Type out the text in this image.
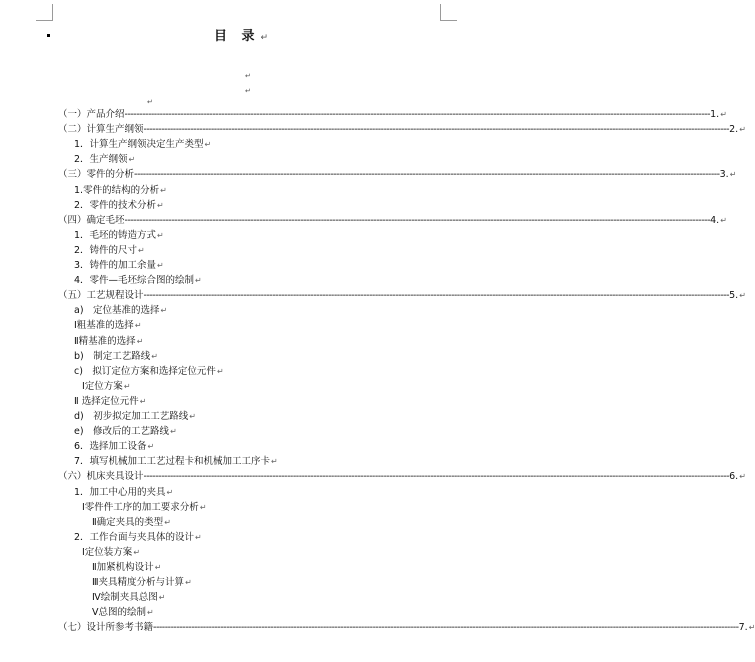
目 录↵
↵
↵
↵
（一）产品介绍 -------------------------------------------------------------------------------------------------------------------------------------------------------------------------------------------------------- 1 . ↵
（二）计算生产纲领 -------------------------------------------------------------------------------------------------------------------------------------------------------------------------------------------------------- 2 . ↵
1．计算生产纲领决定生产类型 ↵
2．生产纲领 ↵
（三）零件的分析 -------------------------------------------------------------------------------------------------------------------------------------------------------------------------------------------------------- 3 . ↵
1.零件的结构的分析 ↵
2．零件的技术分析 ↵
（四）确定毛坯 -------------------------------------------------------------------------------------------------------------------------------------------------------------------------------------------------------- 4 . ↵
1．毛坯的铸造方式 ↵
2．铸件的尺寸 ↵
3．铸件的加工余量 ↵
4．零件—毛坯综合图的绘制 ↵
（五）工艺规程设计 -------------------------------------------------------------------------------------------------------------------------------------------------------------------------------------------------------- 5 . ↵
a)　定位基准的选择 ↵
Ⅰ粗基准的选择 ↵
Ⅱ精基准的选择 ↵
b)　制定工艺路线 ↵
c)　拟订定位方案和选择定位元件 ↵
Ⅰ定位方案 ↵
Ⅱ 选择定位元件 ↵
d)　初步拟定加工工艺路线 ↵
e)　修改后的工艺路线 ↵
6．选择加工设备 ↵
7．填写机械加工工艺过程卡和机械加工工序卡 ↵
（六）机床夹具设计 -------------------------------------------------------------------------------------------------------------------------------------------------------------------------------------------------------- 6 . ↵
1．加工中心用的夹具 ↵
Ⅰ零件件工序的加工要求分析 ↵
Ⅱ确定夹具的类型 ↵
2．工作台面与夹具体的设计 ↵
Ⅰ定位装方案 ↵
Ⅱ加紧机构设计 ↵
Ⅲ夹具精度分析与计算 ↵
Ⅳ绘制夹具总图 ↵
Ⅴ总图的绘制 ↵
（七）设计所参考书籍 -------------------------------------------------------------------------------------------------------------------------------------------------------------------------------------------------------- 7 . ↵
